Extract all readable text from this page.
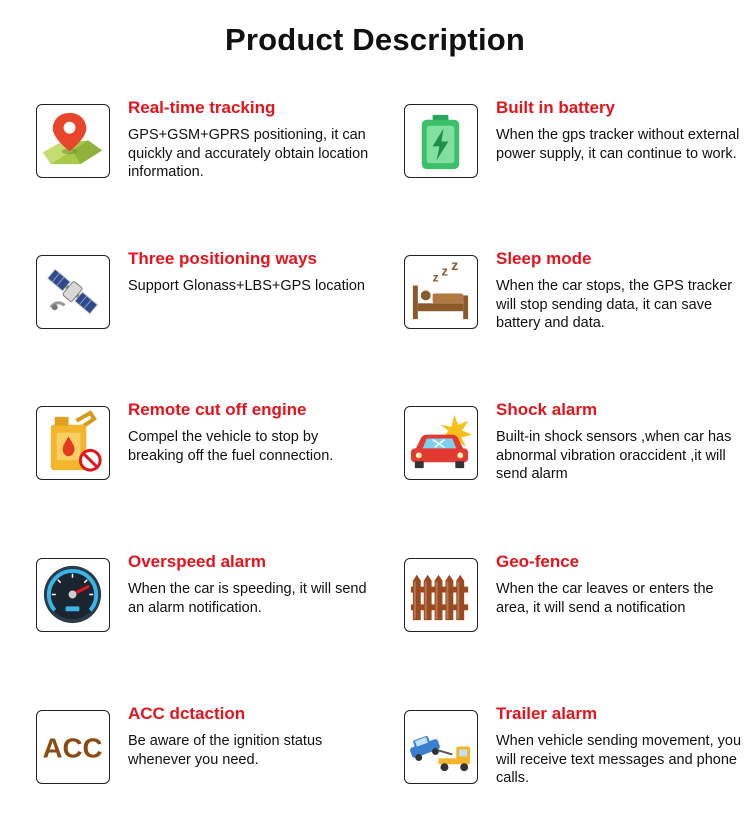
Product Description
Real-time tracking
GPS+GSM+GPRS positioning, it can quickly and accurately obtain location information.
Built in battery
When the gps tracker without external power supply, it can continue to work.
Three positioning ways
Support Glonass+LBS+GPS location
z z z Sleep mode
When the car stops, the GPS tracker will stop sending data, it can save battery and data.
Remote cut off engine
Compel the vehicle to stop by breaking off the fuel connection.
Shock alarm
Built-in shock sensors ,when car has abnormal vibration oraccident ,it will send alarm
Overspeed alarm
When the car is speeding, it will send an alarm notification.
Geo-fence
When the car leaves or enters the area, it will send a notification
ACC
ACC dctaction
Be aware of the ignition status whenever you need.
Trailer alarm
When vehicle sending movement, you will receive text messages and phone calls.
